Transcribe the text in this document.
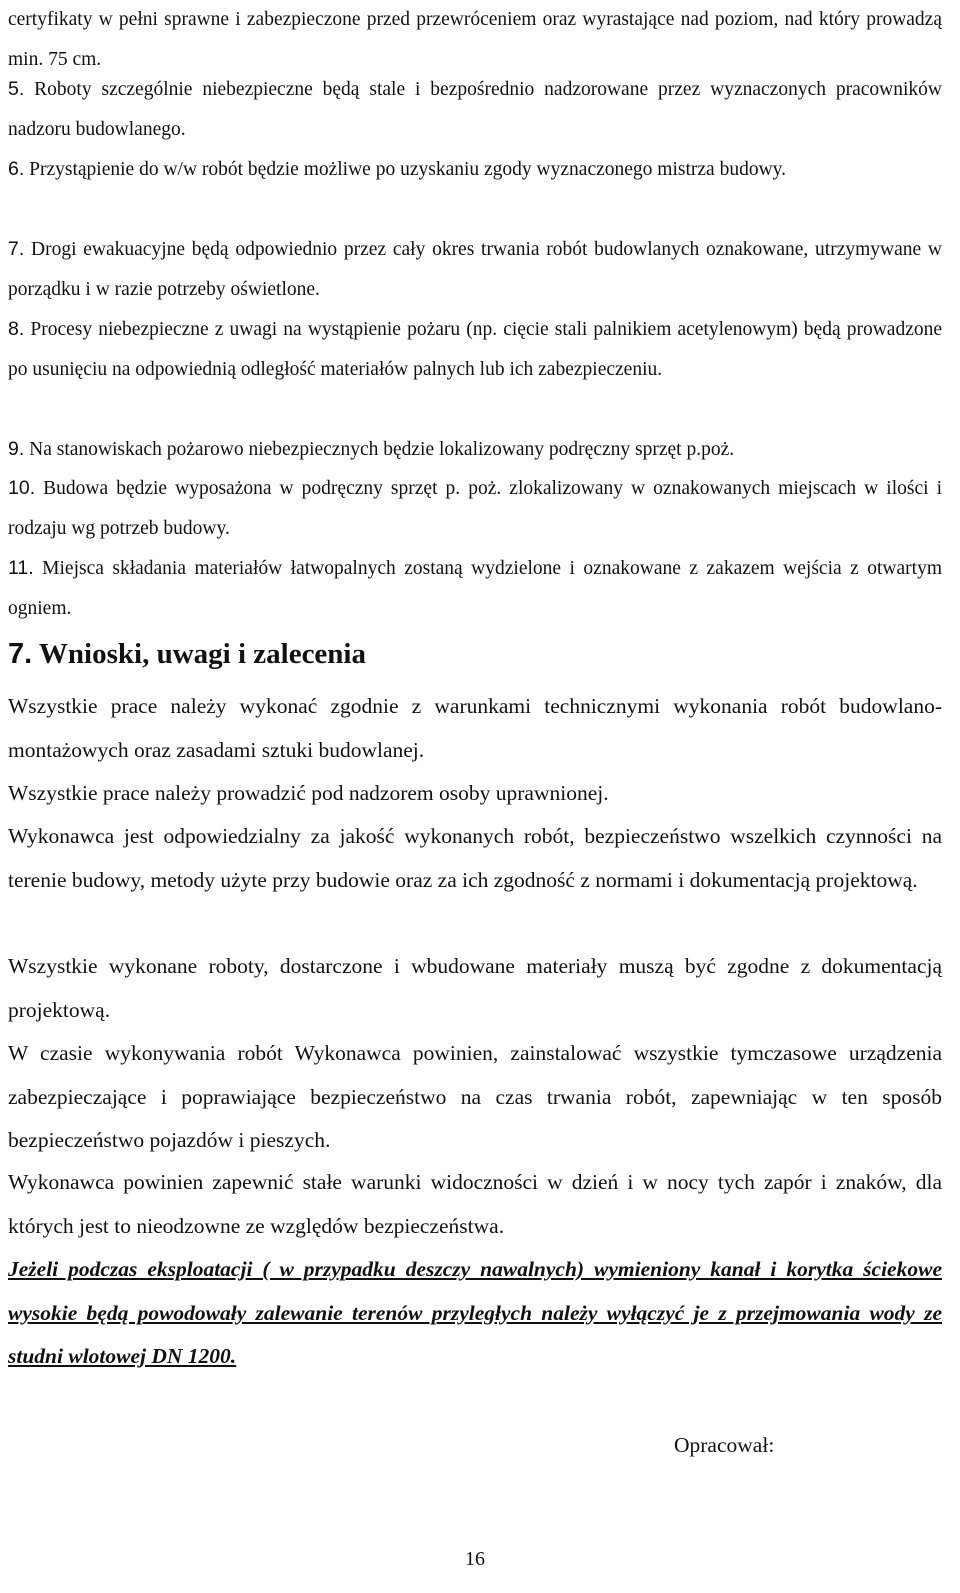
certyfikaty w pełni sprawne i zabezpieczone przed przewróceniem oraz wyrastające nad poziom, nad który prowadzą min. 75 cm.

5. Roboty szczególnie niebezpieczne będą stale i bezpośrednio nadzorowane przez wyznaczonych pracowników nadzoru budowlanego.

6. Przystąpienie do w/w robót będzie możliwe po uzyskaniu zgody wyznaczonego mistrza budowy.

7. Drogi ewakuacyjne będą odpowiednio przez cały okres trwania robót budowlanych oznakowane, utrzymywane w porządku i w razie potrzeby oświetlone.

8. Procesy niebezpieczne z uwagi na wystąpienie pożaru (np. cięcie stali palnikiem acetylenowym) będą prowadzone po usunięciu na odpowiednią odległość materiałów palnych lub ich zabezpieczeniu.

9. Na stanowiskach pożarowo niebezpiecznych będzie lokalizowany podręczny sprzęt p.poż.

10. Budowa będzie wyposażona w podręczny sprzęt p. poż. zlokalizowany w oznakowanych miejscach w ilości i rodzaju wg potrzeb budowy.

11. Miejsca składania materiałów łatwopalnych zostaną wydzielone i oznakowane z zakazem wejścia z otwartym ogniem.

7. Wnioski, uwagi i zalecenia

Wszystkie prace należy wykonać zgodnie z warunkami technicznymi wykonania robót budowlano-montażowych oraz zasadami sztuki budowlanej.

Wszystkie prace należy prowadzić pod nadzorem osoby uprawnionej.

Wykonawca jest odpowiedzialny za jakość wykonanych robót, bezpieczeństwo wszelkich czynności na terenie budowy, metody użyte przy budowie oraz za ich zgodność z normami i dokumentacją projektową.

Wszystkie wykonane roboty, dostarczone i wbudowane materiały muszą być zgodne z dokumentacją projektową.

W czasie wykonywania robót Wykonawca powinien, zainstalować wszystkie tymczasowe urządzenia zabezpieczające i poprawiające bezpieczeństwo na czas trwania robót, zapewniając w ten sposób bezpieczeństwo pojazdów i pieszych.

Wykonawca powinien zapewnić stałe warunki widoczności w dzień i w nocy tych zapór i znaków, dla których jest to nieodzowne ze względów bezpieczeństwa.

Jeżeli podczas eksploatacji ( w przypadku deszczy nawalnych) wymieniony kanał i korytka ściekowe wysokie będą powodowały zalewanie terenów przyległych należy wyłączyć je z przejmowania wody ze studni wlotowej DN 1200.

Opracował:

16
